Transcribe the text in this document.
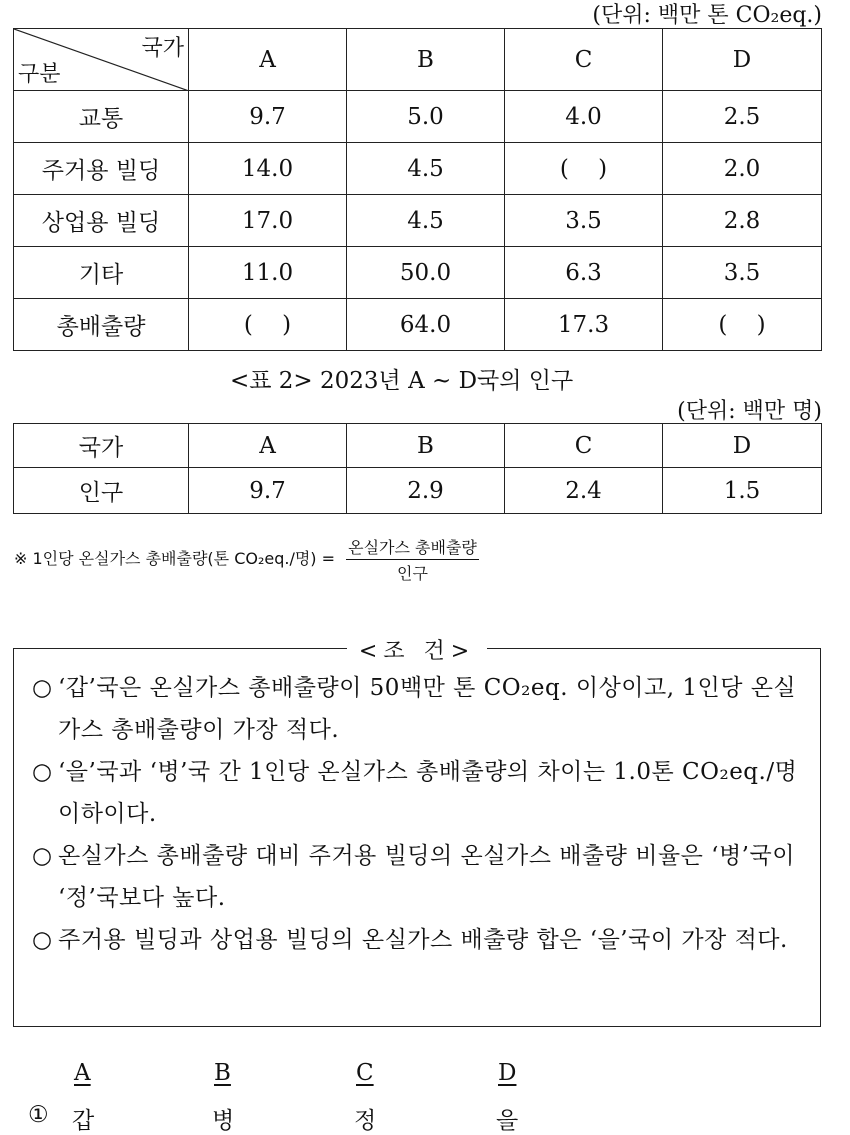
(단위: 백만 톤 CO₂eq.)
국가
구분	A	B	C	D
교통	9.7	5.0	4.0	2.5
주거용 빌딩	14.0	4.5	(    )	2.0
상업용 빌딩	17.0	4.5	3.5	2.8
기타	11.0	50.0	6.3	3.5
총배출량	(    )	64.0	17.3	(    )
<표 2> 2023년 A ~ D국의 인구
(단위: 백만 명)
국가	A	B	C	D
인구	9.7	2.9	2.4	1.5
※ 1인당 온실가스 총배출량(톤 CO₂eq./명) = $\frac{\text{온실가스 총배출량}}{\text{인구}}$
<조 건>
○ ‘갑’국은 온실가스 총배출량이 50백만 톤 CO₂eq. 이상이고, 1인당 온실가스 총배출량이 가장 적다.
○ ‘을’국과 ‘병’국 간 1인당 온실가스 총배출량의 차이는 1.0톤 CO₂eq./명 이하이다.
○ 온실가스 총배출량 대비 주거용 빌딩의 온실가스 배출량 비율은 ‘병’국이 ‘정’국보다 높다.
○ 주거용 빌딩과 상업용 빌딩의 온실가스 배출량 합은 ‘을’국이 가장 적다.
A	B	C	D
① 갑	병	정	을
